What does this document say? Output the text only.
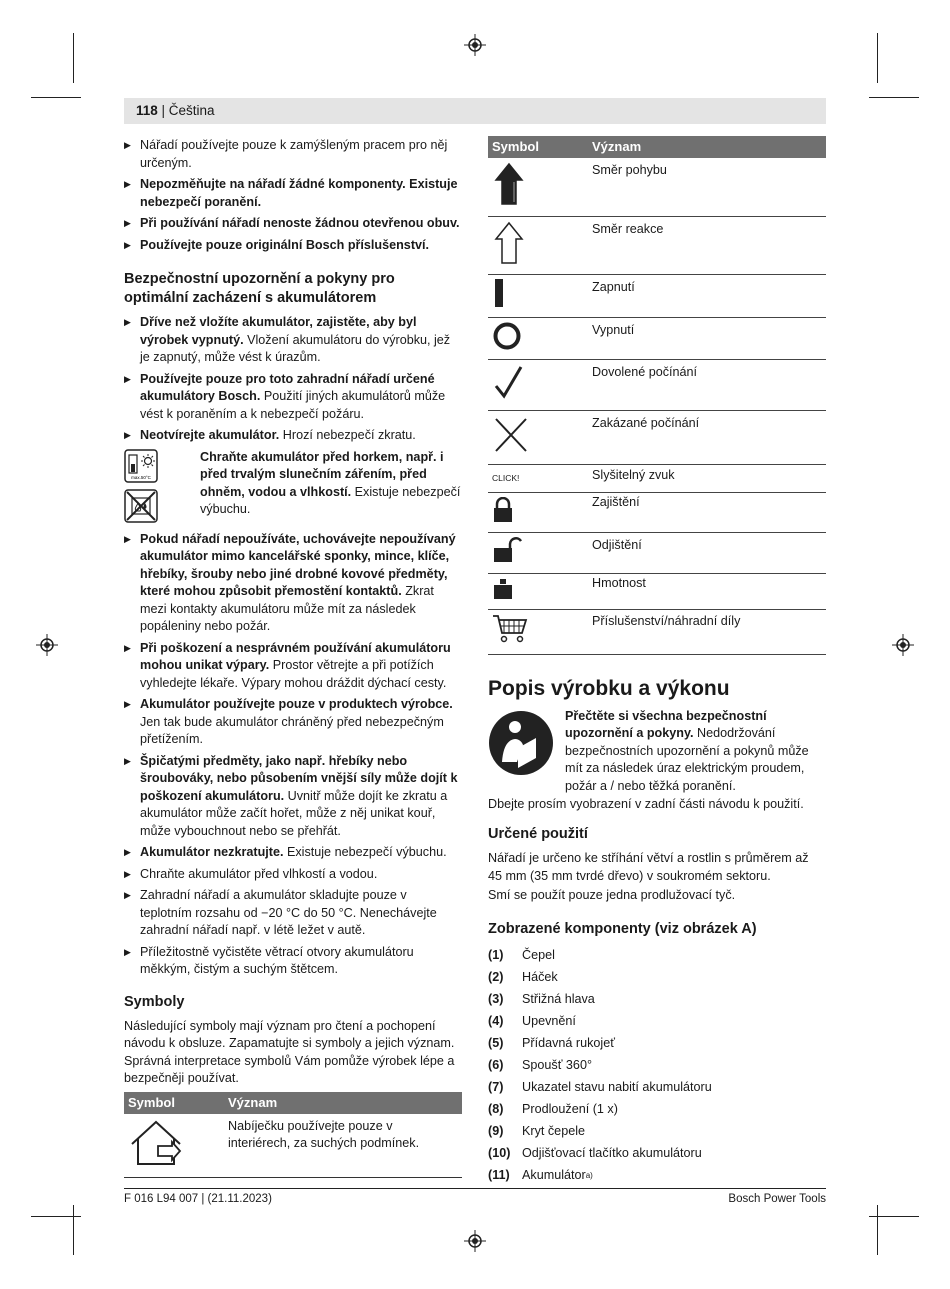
118 | Čeština
▶ Nářadí používejte pouze k zamýšleným pracem pro něj určeným.
▶ Nepozměňujte na nářadí žádné komponenty. Existuje nebezpečí poranění.
▶ Při používání nářadí nenoste žádnou otevřenou obuv.
▶ Používejte pouze originální Bosch příslušenství.
Bezpečnostní upozornění a pokyny pro optimální zacházení s akumulátorem
▶ Dříve než vložíte akumulátor, zajistěte, aby byl výrobek vypnutý. Vložení akumulátoru do výrobku, jež je zapnutý, může vést k úrazům.
▶ Používejte pouze pro toto zahradní nářadí určené akumulátory Bosch. Použití jiných akumulátorů může vést k poraněním a k nebezpečí požáru.
▶ Neotvírejte akumulátor. Hrozí nebezpečí zkratu.
max.50°C
Chraňte akumulátor před horkem, např. i před trvalým slunečním zářením, před ohněm, vodou a vlhkostí. Existuje nebezpečí výbuchu.
▶ Pokud nářadí nepoužíváte, uchovávejte nepoužívaný akumulátor mimo kancelářské sponky, mince, klíče, hřebíky, šrouby nebo jiné drobné kovové předměty, které mohou způsobit přemostění kontaktů. Zkrat mezi kontakty akumulátoru může mít za následek popáleniny nebo požár.
▶ Při poškození a nesprávném používání akumulátoru mohou unikat výpary. Prostor větrejte a při potížích vyhledejte lékaře. Výpary mohou dráždit dýchací cesty.
▶ Akumulátor používejte pouze v produktech výrobce. Jen tak bude akumulátor chráněný před nebezpečným přetížením.
▶ Špičatými předměty, jako např. hřebíky nebo šroubováky, nebo působením vnější síly může dojít k poškození akumulátoru. Uvnitř může dojít ke zkratu a akumulátor může začít hořet, může z něj unikat kouř, může vybouchnout nebo se přehřát.
▶ Akumulátor nezkratujte. Existuje nebezpečí výbuchu.
▶ Chraňte akumulátor před vlhkostí a vodou.
▶ Zahradní nářadí a akumulátor skladujte pouze v teplotním rozsahu od −20 °C do 50 °C. Nenechávejte zahradní nářadí např. v létě ležet v autě.
▶ Příležitostně vyčistěte větrací otvory akumulátoru měkkým, čistým a suchým štětcem.
Symboly
Následující symboly mají význam pro čtení a pochopení návodu k obsluze. Zapamatujte si symboly a jejich význam. Správná interpretace symbolů Vám pomůže výrobek lépe a bezpečněji používat.
Symbol	Význam
	Nabíječku používejte pouze v interiérech, za suchých podmínek.
Symbol	Význam
	Směr pohybu
	Směr reakce
	Zapnutí
	Vypnutí
	Dovolené počínání
	Zakázané počínání
CLICK!	Slyšitelný zvuk
	Zajištění
	Odjištění
	Hmotnost
	Příslušenství/náhradní díly
Popis výrobku a výkonu
Přečtěte si všechna bezpečnostní upozornění a pokyny. Nedodržování bezpečnostních upozornění a pokynů může mít za následek úraz elektrickým proudem, požár a / nebo těžká poranění.
Dbejte prosím vyobrazení v zadní části návodu k použití.
Určené použití
Nářadí je určeno ke stříhání větví a rostlin s průměrem až 45 mm (35 mm tvrdé dřevo) v soukromém sektoru.
Smí se použít pouze jedna prodlužovací tyč.
Zobrazené komponenty (viz obrázek A)
(1)	Čepel
(2)	Háček
(3)	Střižná hlava
(4)	Upevnění
(5)	Přídavná rukojeť
(6)	Spoušť 360°
(7)	Ukazatel stavu nabití akumulátoru
(8)	Prodloužení (1 x)
(9)	Kryt čepele
(10) Odjišťovací tlačítko akumulátoru
(11) Akumulátor a)
F 016 L94 007 | (21.11.2023)	Bosch Power Tools
